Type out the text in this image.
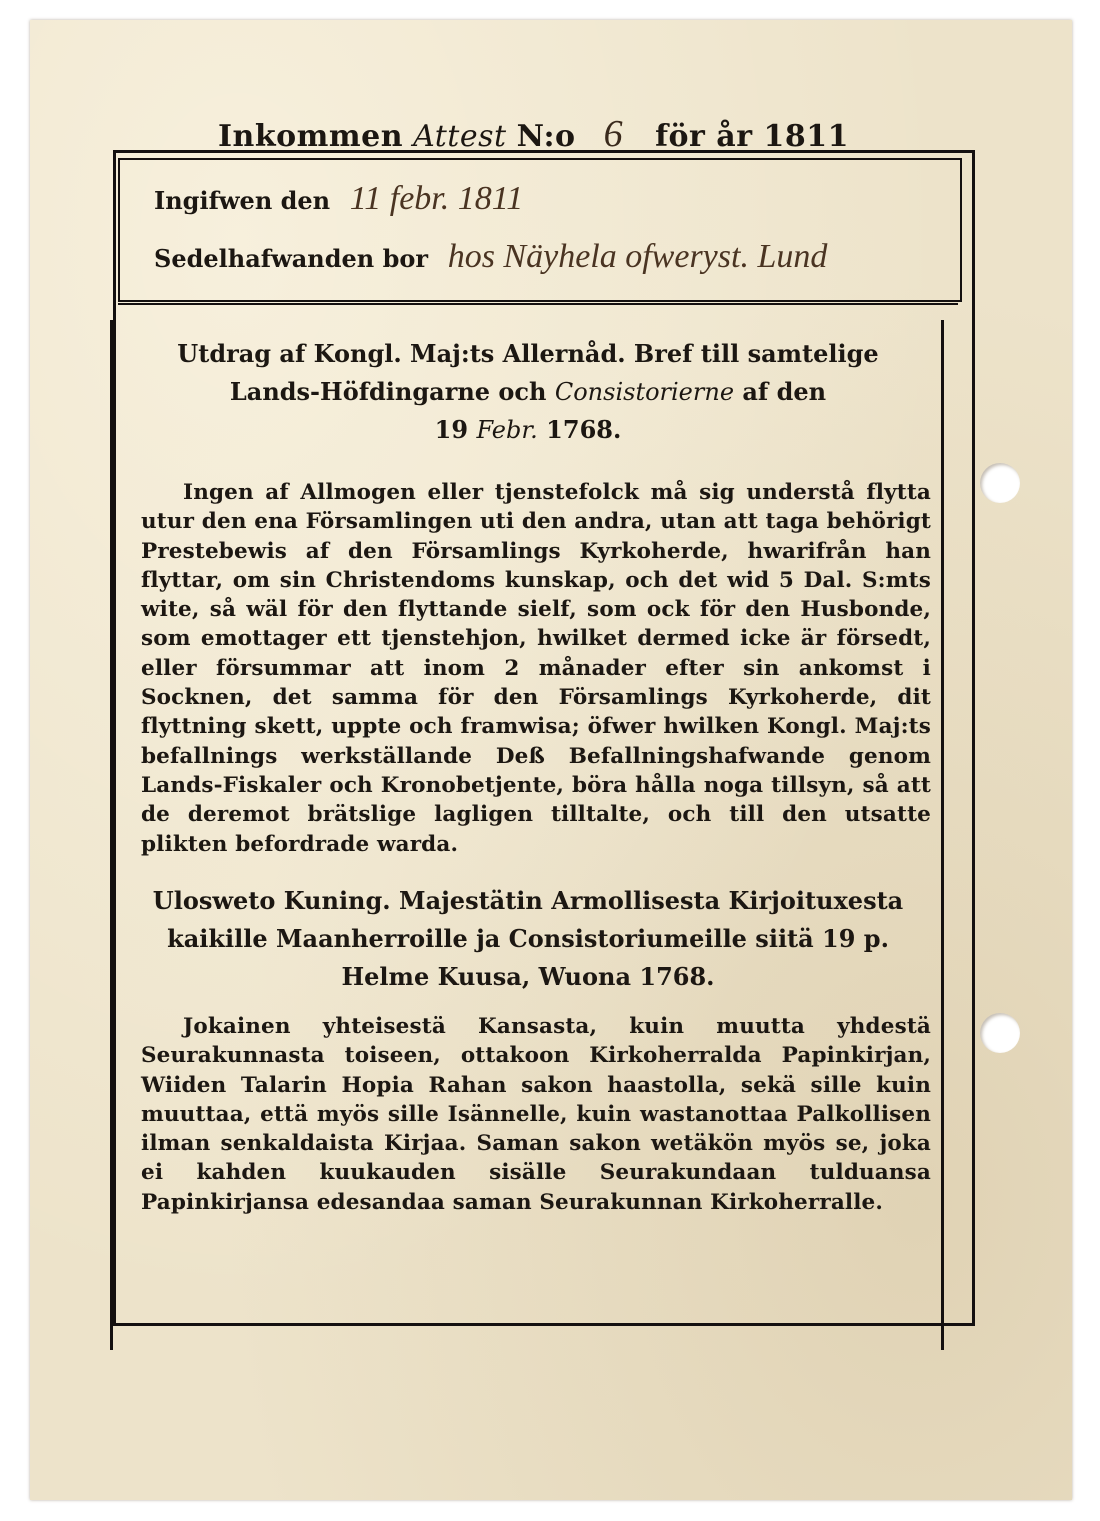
Inkommen Attest N:o 6 för år 1811
Ingifwen den 11 febr. 1811
Sedelhafwanden bor hos Näyhela ofweryst. Lund
Utdrag af Kongl. Maj:ts Allernåd. Bref till samtelige
Lands-Höfdingarne och Consistorierne af den
19 Febr. 1768.
Ingen af Allmogen eller tjenstefolck må sig understå flytta utur den ena Församlingen uti den andra, utan att taga behörigt Prestebewis af den Församlings Kyrkoherde, hwarifrån han flyttar, om sin Christendoms kunskap, och det wid 5 Dal. S:mts wite, så wäl för den flyttande sielf, som ock för den Husbonde, som emottager ett tjenstehjon, hwilket dermed icke är försedt, eller försummar att inom 2 månader efter sin ankomst i Socknen, det samma för den Församlings Kyrkoherde, dit flyttning skett, uppte och framwisa; öfwer hwilken Kongl. Maj:ts befallnings werkställande Deß Befallningshafwande genom Lands-Fiskaler och Kronobetjente, böra hålla noga tillsyn, så att de deremot brätslige lagligen tilltalte, och till den utsatte plikten befordrade warda.
Ulosweto Kuning. Majestätin Armollisesta Kirjoituxesta
kaikille Maanherroille ja Consistoriumeille siitä 19 p.
Helme Kuusa, Wuona 1768.
Jokainen yhteisestä Kansasta, kuin muutta yhdestä Seurakunnasta toiseen, ottakoon Kirkoherralda Papinkirjan, Wiiden Talarin Hopia Rahan sakon haastolla, sekä sille kuin muuttaa, että myös sille Isännelle, kuin wastanottaa Palkollisen ilman senkaldaista Kirjaa. Saman sakon wetäkön myös se, joka ei kahden kuukauden sisälle Seurakundaan tulduansa Papinkirjansa edesandaa saman Seurakunnan Kirkoherralle.
